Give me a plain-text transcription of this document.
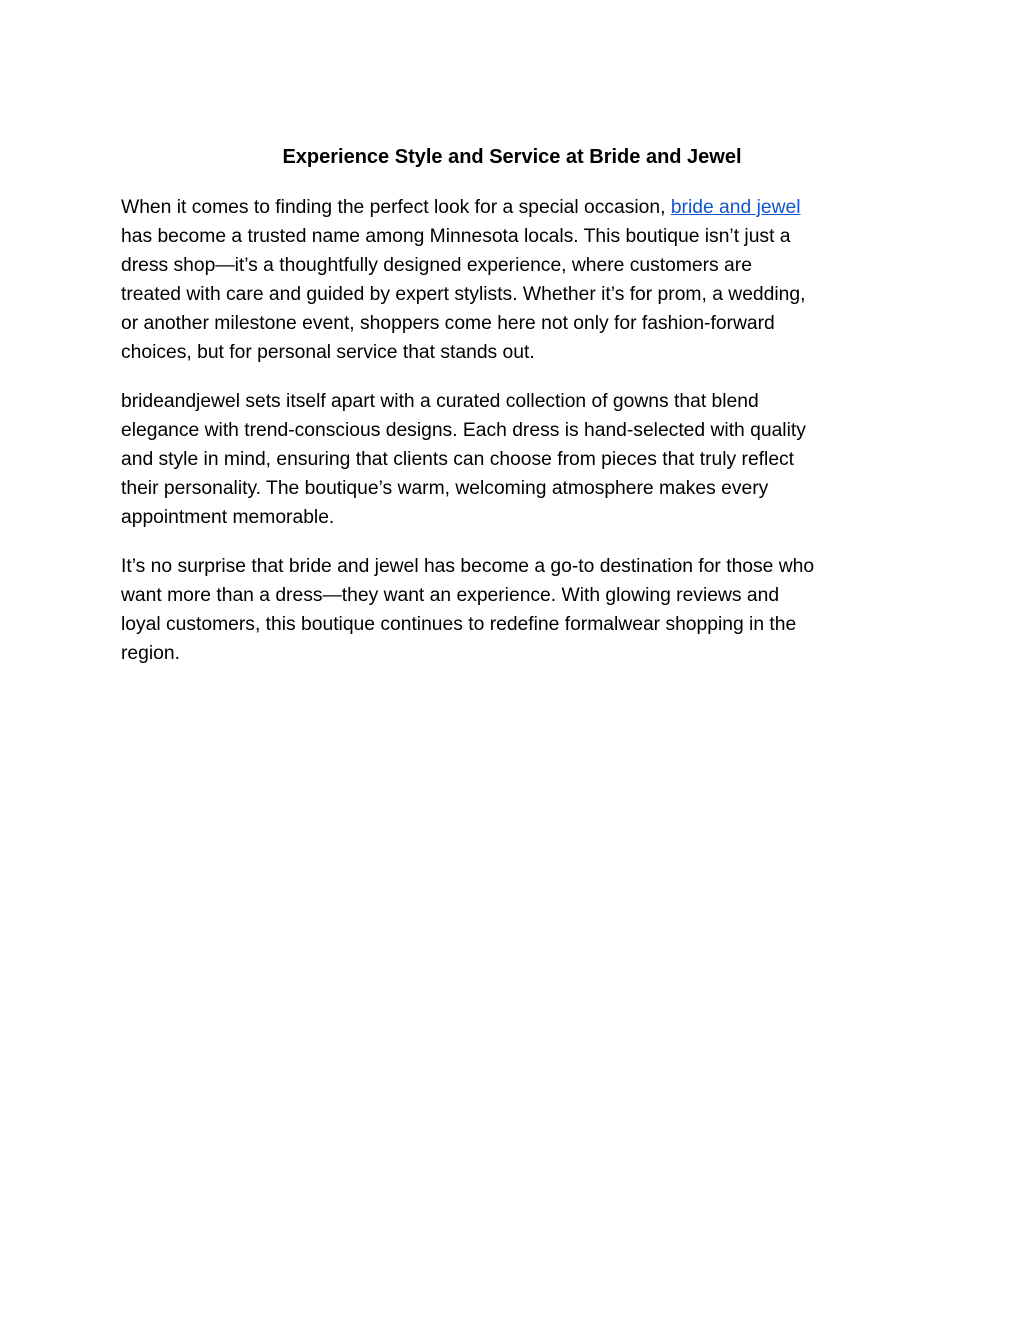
Experience Style and Service at Bride and Jewel

When it comes to finding the perfect look for a special occasion, bride and jewel
has become a trusted name among Minnesota locals. This boutique isn’t just a
dress shop—it’s a thoughtfully designed experience, where customers are
treated with care and guided by expert stylists. Whether it’s for prom, a wedding,
or another milestone event, shoppers come here not only for fashion-forward
choices, but for personal service that stands out.

brideandjewel sets itself apart with a curated collection of gowns that blend
elegance with trend-conscious designs. Each dress is hand-selected with quality
and style in mind, ensuring that clients can choose from pieces that truly reflect
their personality. The boutique’s warm, welcoming atmosphere makes every
appointment memorable.

It’s no surprise that bride and jewel has become a go-to destination for those who
want more than a dress—they want an experience. With glowing reviews and
loyal customers, this boutique continues to redefine formalwear shopping in the
region.
